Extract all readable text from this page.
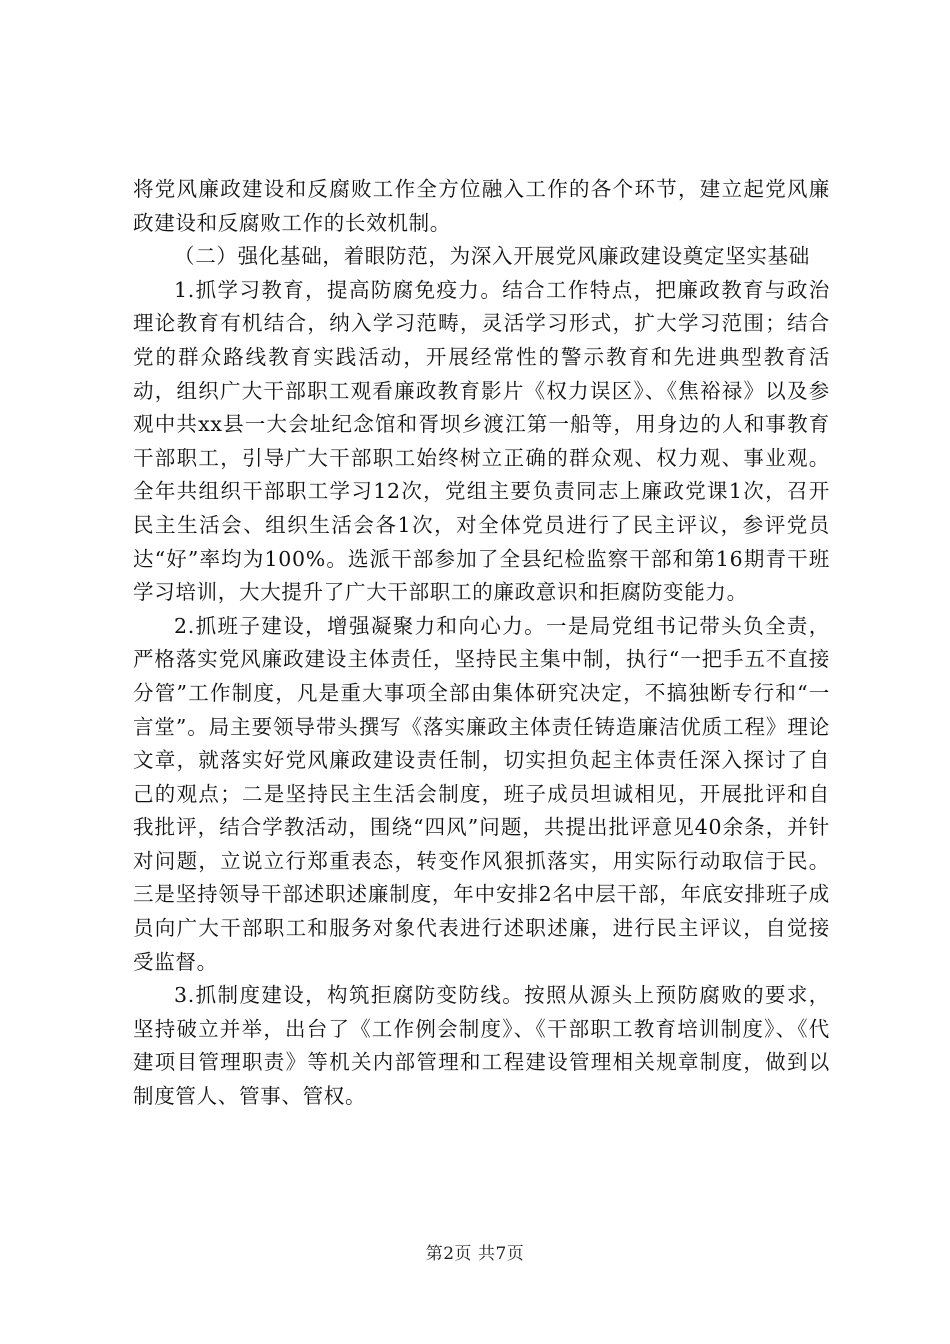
将党风廉政建设和反腐败工作全方位融入工作的各个环节，建立起党风廉政建设和反腐败工作的长效机制。

（二）强化基础，着眼防范，为深入开展党风廉政建设奠定坚实基础

1.抓学习教育，提高防腐免疫力。结合工作特点，把廉政教育与政治理论教育有机结合，纳入学习范畴，灵活学习形式，扩大学习范围；结合党的群众路线教育实践活动，开展经常性的警示教育和先进典型教育活动，组织广大干部职工观看廉政教育影片《权力误区》、《焦裕禄》以及参观中共xx县一大会址纪念馆和胥坝乡渡江第一船等，用身边的人和事教育干部职工，引导广大干部职工始终树立正确的群众观、权力观、事业观。全年共组织干部职工学习12次，党组主要负责同志上廉政党课1次，召开民主生活会、组织生活会各1次，对全体党员进行了民主评议，参评党员达“好”率均为100%。选派干部参加了全县纪检监察干部和第16期青干班学习培训，大大提升了广大干部职工的廉政意识和拒腐防变能力。

2.抓班子建设，增强凝聚力和向心力。一是局党组书记带头负全责，严格落实党风廉政建设主体责任，坚持民主集中制，执行“一把手五不直接分管”工作制度，凡是重大事项全部由集体研究决定，不搞独断专行和“一言堂”。局主要领导带头撰写《落实廉政主体责任铸造廉洁优质工程》理论文章，就落实好党风廉政建设责任制，切实担负起主体责任深入探讨了自己的观点；二是坚持民主生活会制度，班子成员坦诚相见，开展批评和自我批评，结合学教活动，围绕“四风”问题，共提出批评意见40余条，并针对问题，立说立行郑重表态，转变作风狠抓落实，用实际行动取信于民。三是坚持领导干部述职述廉制度，年中安排2名中层干部，年底安排班子成员向广大干部职工和服务对象代表进行述职述廉，进行民主评议，自觉接受监督。

3.抓制度建设，构筑拒腐防变防线。按照从源头上预防腐败的要求，坚持破立并举，出台了《工作例会制度》、《干部职工教育培训制度》、《代建项目管理职责》等机关内部管理和工程建设管理相关规章制度，做到以制度管人、管事、管权。

第2页 共7页
